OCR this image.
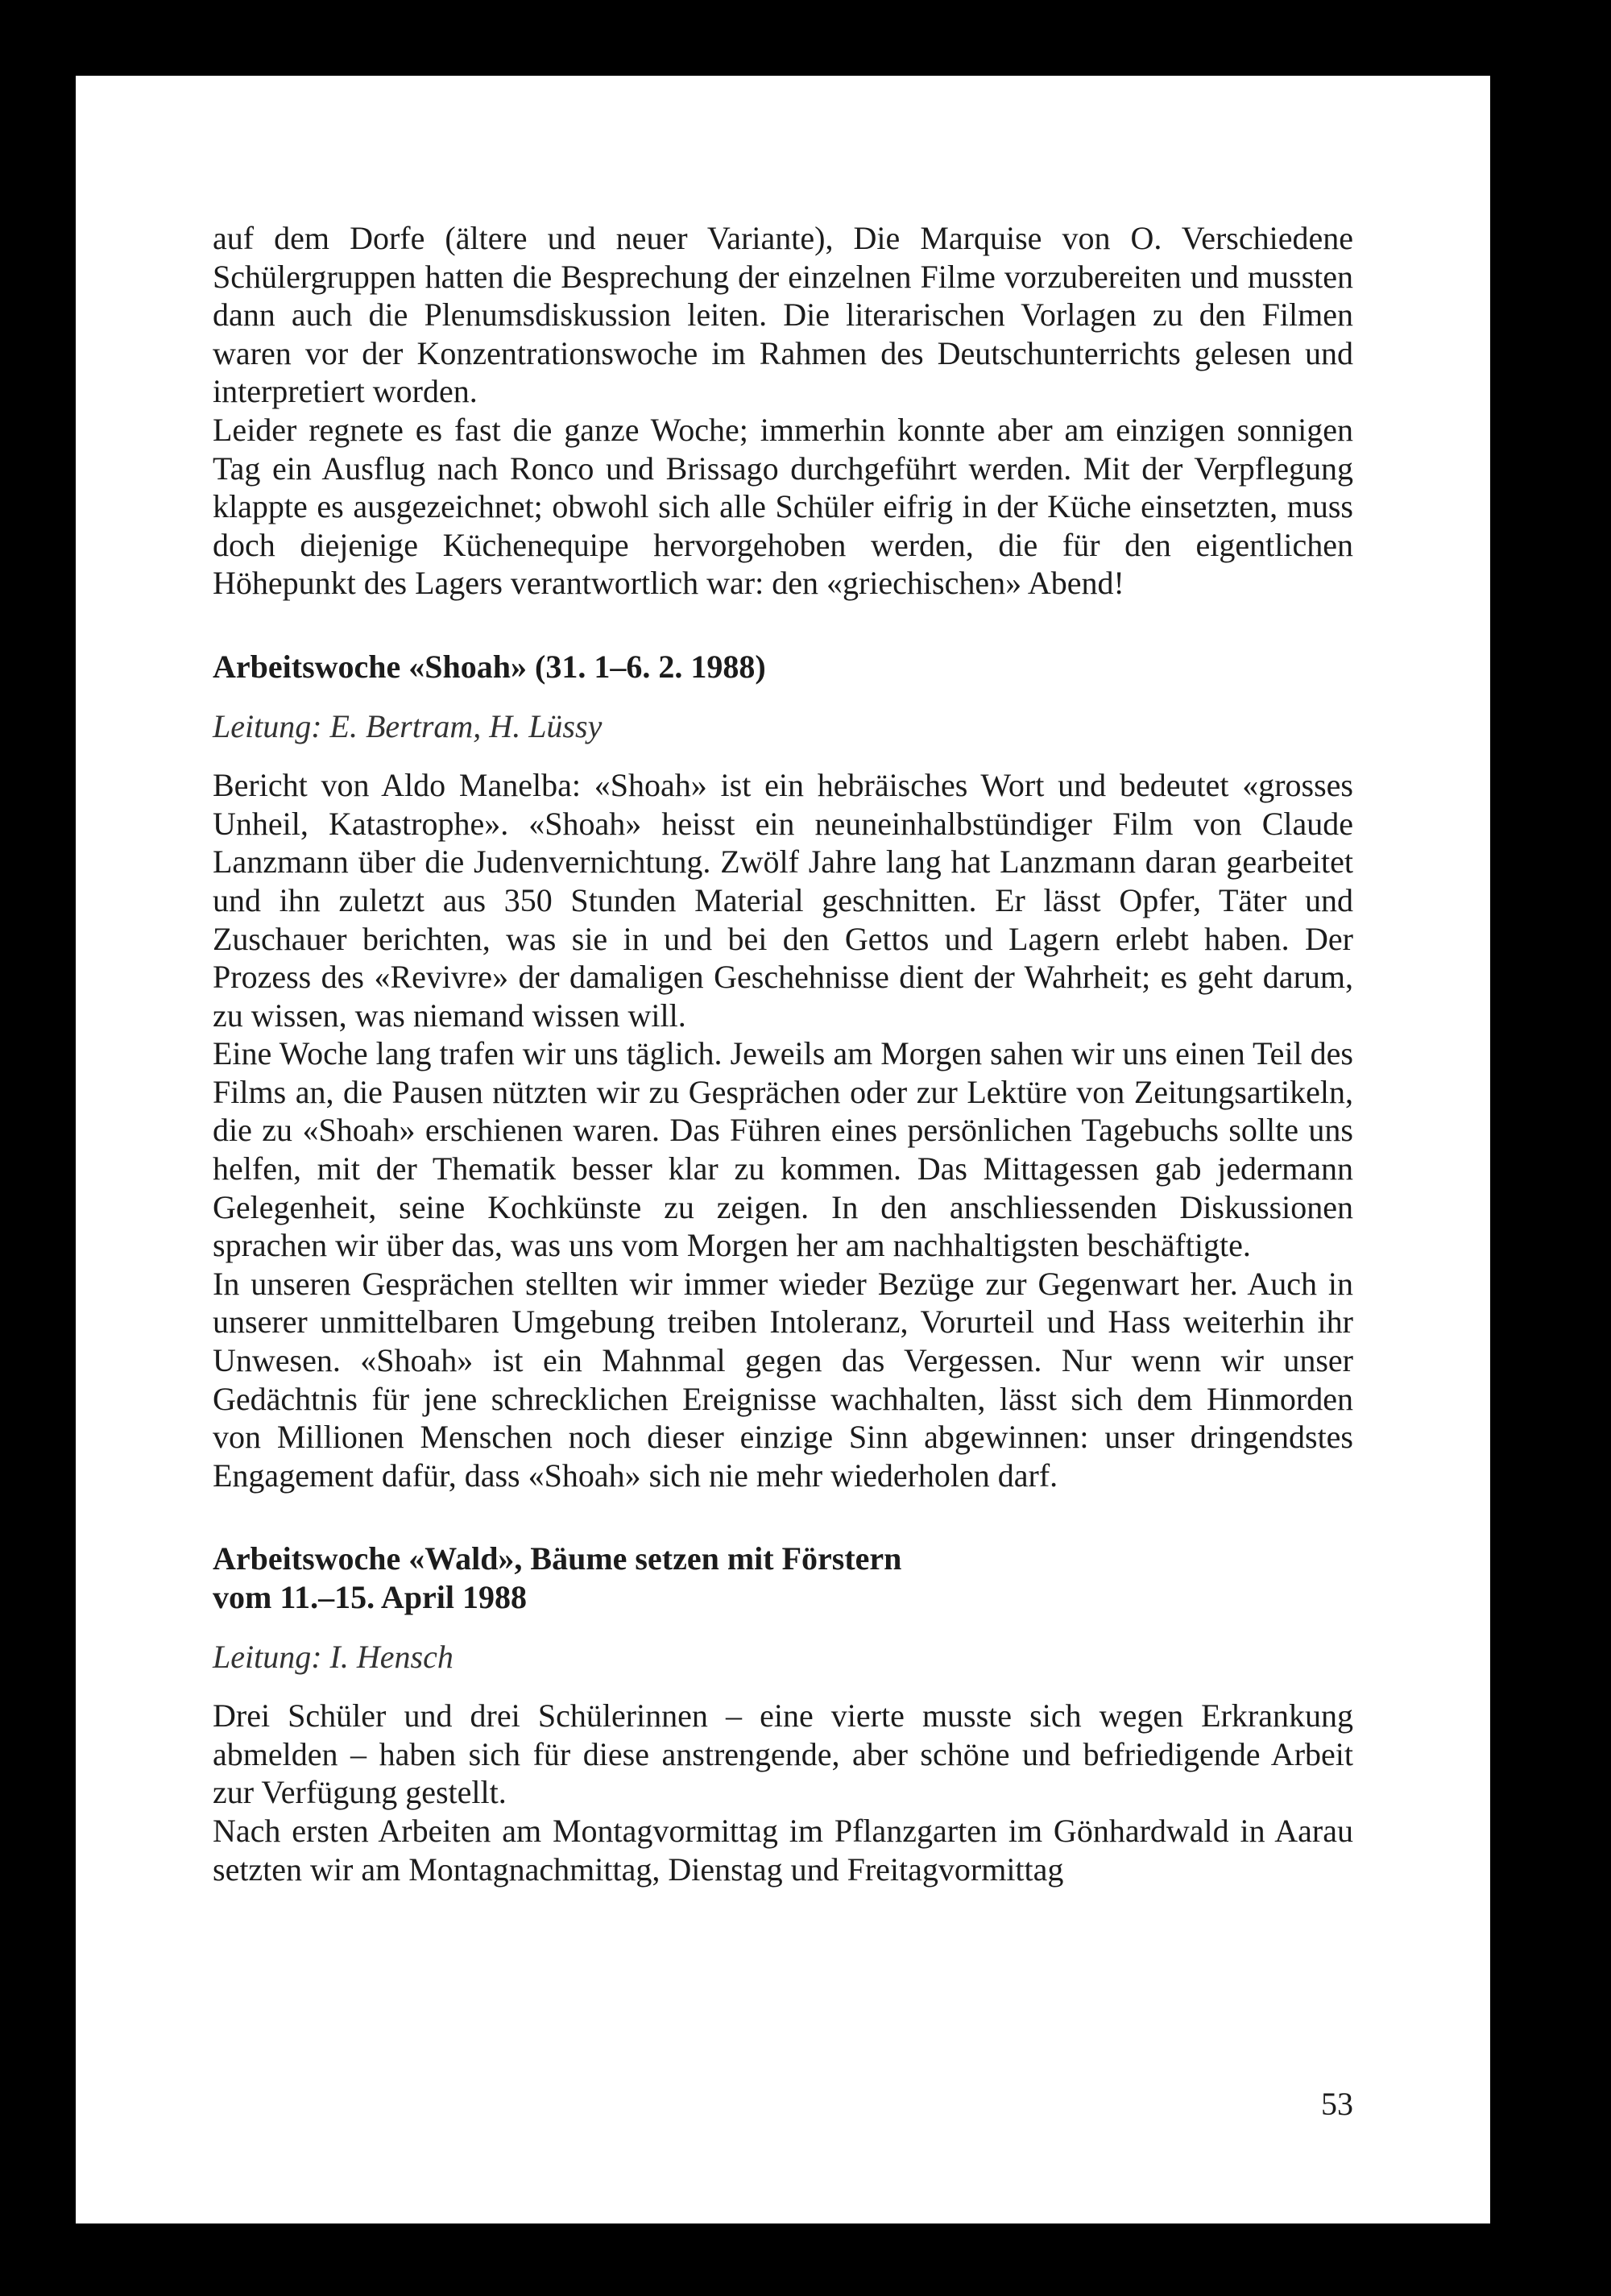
auf dem Dorfe (ältere und neuer Variante), Die Marquise von O. Verschiedene Schülergruppen hatten die Besprechung der einzelnen Filme vorzubereiten und mussten dann auch die Plenumsdiskussion leiten. Die literarischen Vorlagen zu den Filmen waren vor der Konzentrationswoche im Rahmen des Deutschunterrichts gelesen und interpretiert worden.

Leider regnete es fast die ganze Woche; immerhin konnte aber am einzigen sonnigen Tag ein Ausflug nach Ronco und Brissago durchgeführt werden. Mit der Verpflegung klappte es ausgezeichnet; obwohl sich alle Schüler eifrig in der Küche einsetzten, muss doch diejenige Küchenequipe hervorgehoben werden, die für den eigentlichen Höhepunkt des Lagers verantwortlich war: den «griechischen» Abend!

Arbeitswoche «Shoah» (31. 1–6. 2. 1988)

Leitung: E. Bertram, H. Lüssy

Bericht von Aldo Manelba: «Shoah» ist ein hebräisches Wort und bedeutet «grosses Unheil, Katastrophe». «Shoah» heisst ein neuneinhalbstündiger Film von Claude Lanzmann über die Judenvernichtung. Zwölf Jahre lang hat Lanzmann daran gearbeitet und ihn zuletzt aus 350 Stunden Material geschnitten. Er lässt Opfer, Täter und Zuschauer berichten, was sie in und bei den Gettos und Lagern erlebt haben. Der Prozess des «Revivre» der damaligen Geschehnisse dient der Wahrheit; es geht darum, zu wissen, was niemand wissen will.

Eine Woche lang trafen wir uns täglich. Jeweils am Morgen sahen wir uns einen Teil des Films an, die Pausen nützten wir zu Gesprächen oder zur Lektüre von Zeitungsartikeln, die zu «Shoah» erschienen waren. Das Führen eines persönlichen Tagebuchs sollte uns helfen, mit der Thematik besser klar zu kommen. Das Mittagessen gab jedermann Gelegenheit, seine Kochkünste zu zeigen. In den anschliessenden Diskussionen sprachen wir über das, was uns vom Morgen her am nachhaltigsten beschäftigte.

In unseren Gesprächen stellten wir immer wieder Bezüge zur Gegenwart her. Auch in unserer unmittelbaren Umgebung treiben Intoleranz, Vorurteil und Hass weiterhin ihr Unwesen. «Shoah» ist ein Mahnmal gegen das Vergessen. Nur wenn wir unser Gedächtnis für jene schrecklichen Ereignisse wachhalten, lässt sich dem Hinmorden von Millionen Menschen noch dieser einzige Sinn abgewinnen: unser dringendstes Engagement dafür, dass «Shoah» sich nie mehr wiederholen darf.

Arbeitswoche «Wald», Bäume setzen mit Förstern
vom 11.–15. April 1988

Leitung: I. Hensch

Drei Schüler und drei Schülerinnen – eine vierte musste sich wegen Erkrankung abmelden – haben sich für diese anstrengende, aber schöne und befriedigende Arbeit zur Verfügung gestellt.

Nach ersten Arbeiten am Montagvormittag im Pflanzgarten im Gönhardwald in Aarau setzten wir am Montagnachmittag, Dienstag und Freitagvormittag

53
